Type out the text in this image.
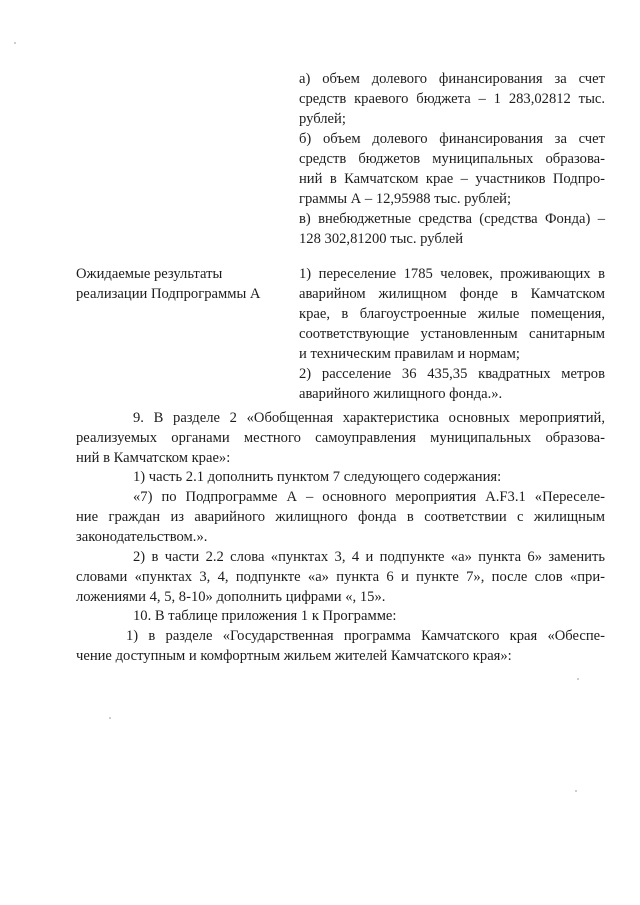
а) объем долевого финансирования за счет
средств краевого бюджета – 1 283,02812 тыс.
рублей;
б) объем долевого финансирования за счет
средств бюджетов муниципальных образова-
ний в Камчатском крае – участников Подпро-
граммы А – 12,95988 тыс. рублей;
в) внебюджетные средства (средства Фонда) –
128 302,81200 тыс. рублей
Ожидаемые результаты
реализации Подпрограммы А
1) переселение 1785 человек, проживающих в
аварийном жилищном фонде в Камчатском
крае, в благоустроенные жилые помещения,
соответствующие установленным санитарным
и техническим правилам и нормам;
2) расселение 36 435,35 квадратных метров
аварийного жилищного фонда.».
9. В разделе 2 «Обобщенная характеристика основных мероприятий,
реализуемых органами местного самоуправления муниципальных образова-
ний в Камчатском крае»:
1) часть 2.1 дополнить пунктом 7 следующего содержания:
«7) по Подпрограмме А – основного мероприятия А.F3.1 «Переселе-
ние граждан из аварийного жилищного фонда в соответствии с жилищным
законодательством.».
2) в части 2.2 слова «пунктах 3, 4 и подпункте «а» пункта 6» заменить
словами «пунктах 3, 4, подпункте «а» пункта 6 и пункте 7», после слов «при-
ложениями 4, 5, 8-10» дополнить цифрами «, 15».
10. В таблице приложения 1 к Программе:
1) в разделе «Государственная программа Камчатского края «Обеспе-
чение доступным и комфортным жильем жителей Камчатского края»:
